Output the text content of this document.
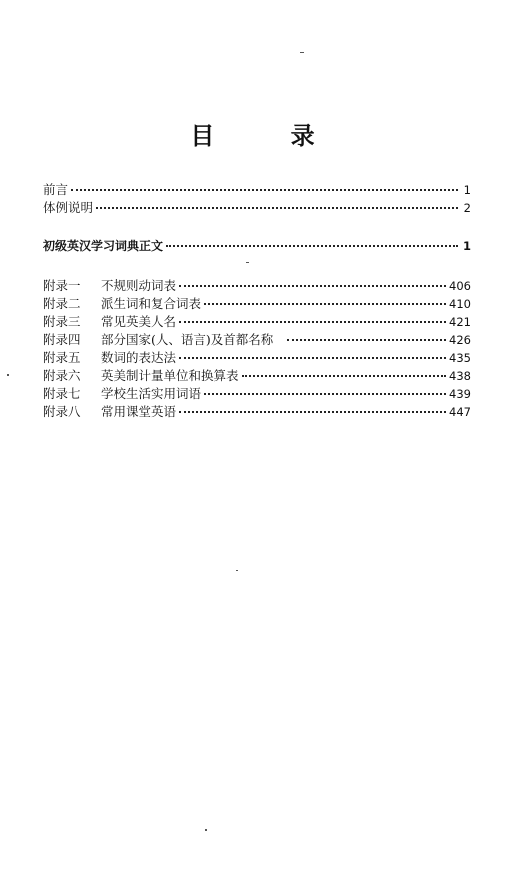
目 录
前言	1
体例说明	2
初级英汉学习词典正文	1
附录一 不规则动词表	406
附录二 派生词和复合词表	410
附录三 常见英美人名	421
附录四 部分国家(人、语言)及首都名称	426
附录五 数词的表达法	435
附录六 英美制计量单位和换算表	438
附录七 学校生活实用词语	439
附录八 常用课堂英语	447
